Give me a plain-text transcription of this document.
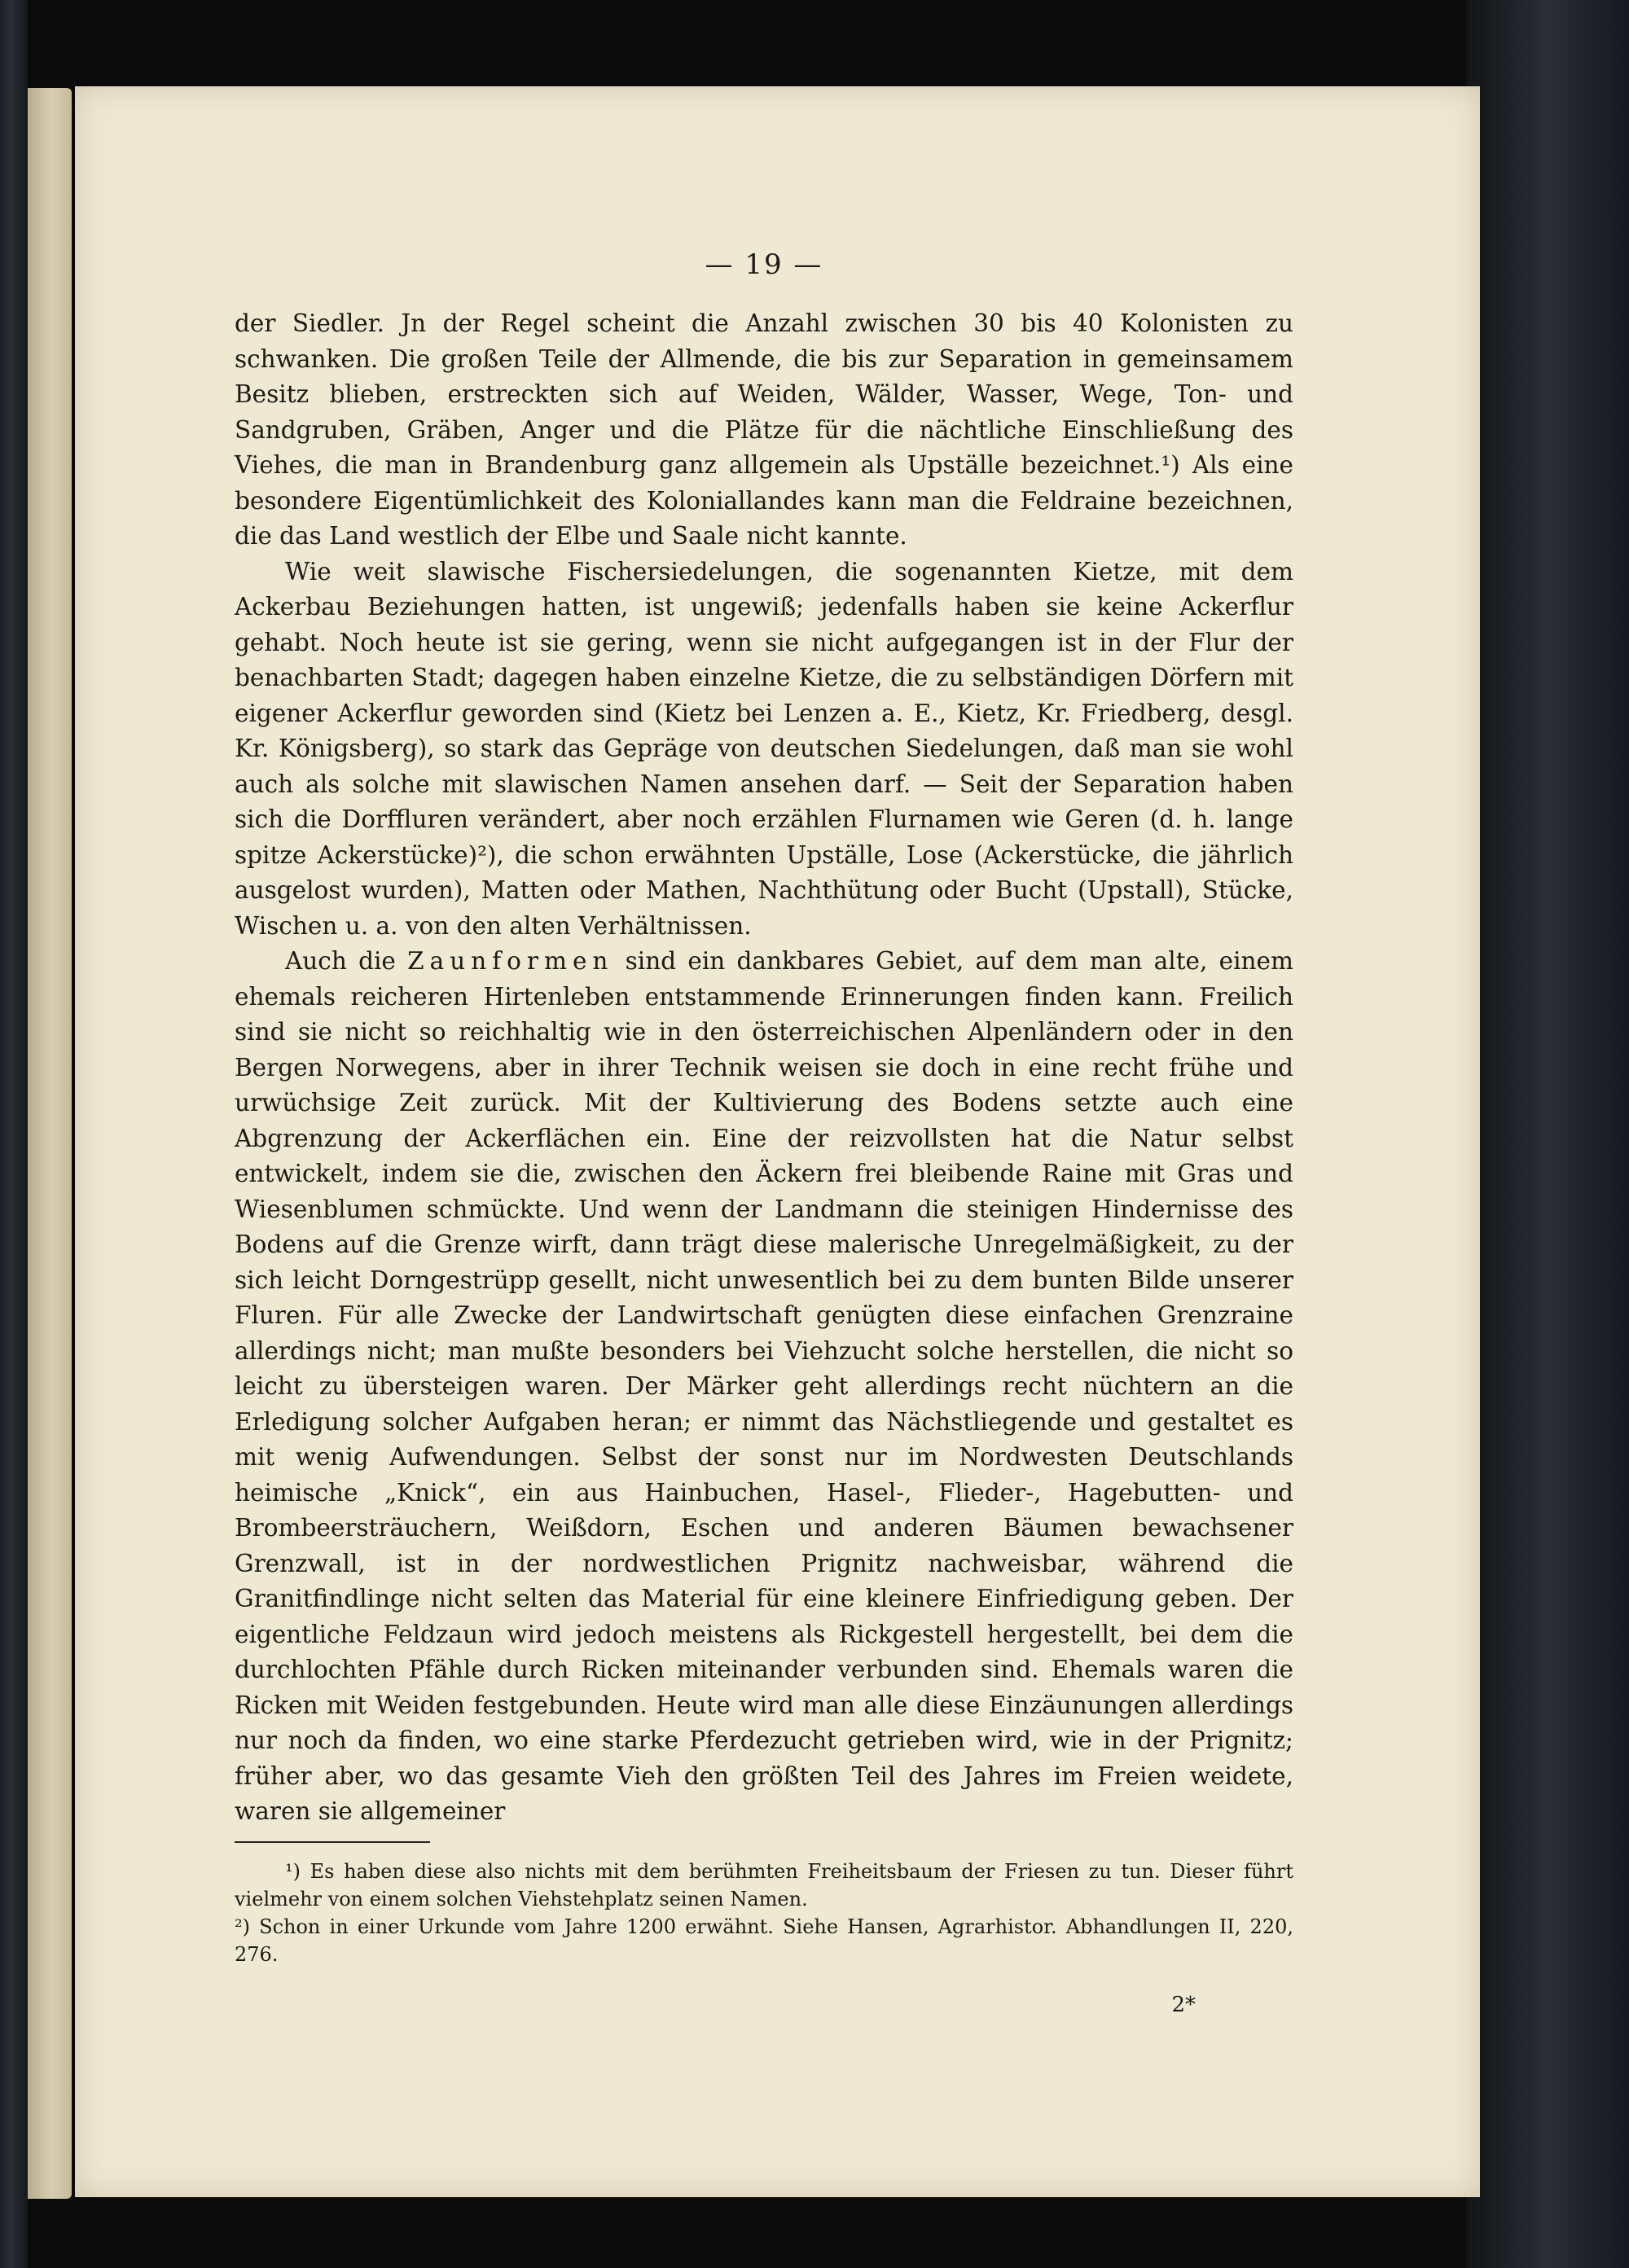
— 19 —

der Siedler. Jn der Regel scheint die Anzahl zwischen 30 bis 40 Kolonisten zu schwanken. Die großen Teile der Allmende, die bis zur Separation in gemeinsamem Besitz blieben, erstreckten sich auf Weiden, Wälder, Wasser, Wege, Ton- und Sandgruben, Gräben, Anger und die Plätze für die nächtliche Einschließung des Viehes, die man in Brandenburg ganz allgemein als Upställe bezeichnet.¹) Als eine besondere Eigentümlichkeit des Koloniallandes kann man die Feldraine bezeichnen, die das Land westlich der Elbe und Saale nicht kannte.

Wie weit slawische Fischersiedelungen, die sogenannten Kietze, mit dem Ackerbau Beziehungen hatten, ist ungewiß; jedenfalls haben sie keine Ackerflur gehabt. Noch heute ist sie gering, wenn sie nicht aufgegangen ist in der Flur der benachbarten Stadt; dagegen haben einzelne Kietze, die zu selbständigen Dörfern mit eigener Ackerflur geworden sind (Kietz bei Lenzen a. E., Kietz, Kr. Friedberg, desgl. Kr. Königsberg), so stark das Gepräge von deutschen Siedelungen, daß man sie wohl auch als solche mit slawischen Namen ansehen darf. — Seit der Separation haben sich die Dorffluren verändert, aber noch erzählen Flurnamen wie Geren (d. h. lange spitze Ackerstücke)²), die schon erwähnten Upställe, Lose (Ackerstücke, die jährlich ausgelost wurden), Matten oder Mathen, Nachthütung oder Bucht (Upstall), Stücke, Wischen u. a. von den alten Verhältnissen.

Auch die Zaunformen sind ein dankbares Gebiet, auf dem man alte, einem ehemals reicheren Hirtenleben entstammende Erinnerungen finden kann. Freilich sind sie nicht so reichhaltig wie in den österreichischen Alpenländern oder in den Bergen Norwegens, aber in ihrer Technik weisen sie doch in eine recht frühe und urwüchsige Zeit zurück. Mit der Kultivierung des Bodens setzte auch eine Abgrenzung der Ackerflächen ein. Eine der reizvollsten hat die Natur selbst entwickelt, indem sie die, zwischen den Äckern frei bleibende Raine mit Gras und Wiesenblumen schmückte. Und wenn der Landmann die steinigen Hindernisse des Bodens auf die Grenze wirft, dann trägt diese malerische Unregelmäßigkeit, zu der sich leicht Dorngestrüpp gesellt, nicht unwesentlich bei zu dem bunten Bilde unserer Fluren. Für alle Zwecke der Landwirtschaft genügten diese einfachen Grenzraine allerdings nicht; man mußte besonders bei Viehzucht solche herstellen, die nicht so leicht zu übersteigen waren. Der Märker geht allerdings recht nüchtern an die Erledigung solcher Aufgaben heran; er nimmt das Nächstliegende und gestaltet es mit wenig Aufwendungen. Selbst der sonst nur im Nordwesten Deutschlands heimische „Knick“, ein aus Hainbuchen, Hasel-, Flieder-, Hagebutten- und Brombeersträuchern, Weißdorn, Eschen und anderen Bäumen bewachsener Grenzwall, ist in der nordwestlichen Prignitz nachweisbar, während die Granitfindlinge nicht selten das Material für eine kleinere Einfriedigung geben. Der eigentliche Feldzaun wird jedoch meistens als Rickgestell hergestellt, bei dem die durchlochten Pfähle durch Ricken miteinander verbunden sind. Ehemals waren die Ricken mit Weiden festgebunden. Heute wird man alle diese Einzäunungen allerdings nur noch da finden, wo eine starke Pferdezucht getrieben wird, wie in der Prignitz; früher aber, wo das gesamte Vieh den größten Teil des Jahres im Freien weidete, waren sie allgemeiner

¹) Es haben diese also nichts mit dem berühmten Freiheitsbaum der Friesen zu tun. Dieser führt vielmehr von einem solchen Viehstehplatz seinen Namen.

²) Schon in einer Urkunde vom Jahre 1200 erwähnt. Siehe Hansen, Agrarhistor. Abhandlungen II, 220, 276.

2*
